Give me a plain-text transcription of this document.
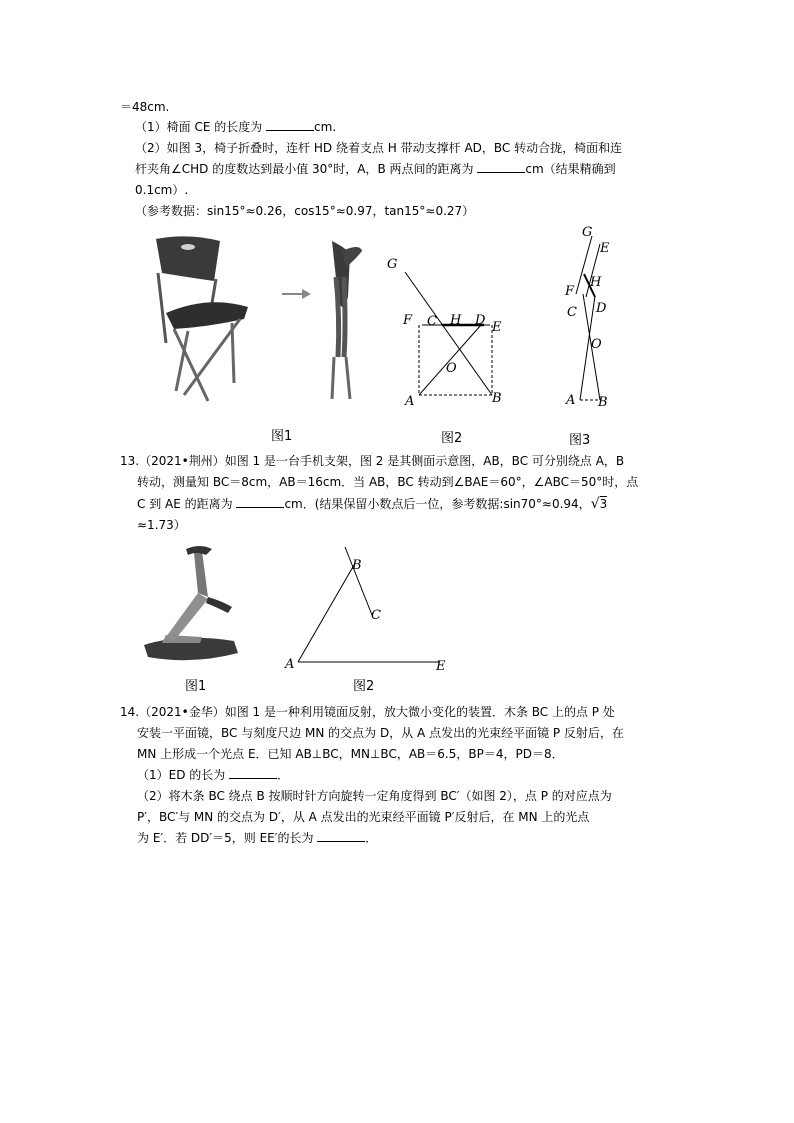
＝48cm.
（1）椅面 CE 的长度为	cm.
（2）如图 3，椅子折叠时，连杆 HD 绕着支点 H 带动支撑杆 AD，BC 转动合拢，椅面和连
杆夹角∠CHD 的度数达到最小值 30°时，A，B 两点间的距离为	cm（结果精确到
0.1cm）.
（参考数据：sin15°≈0.26，cos15°≈0.97，tan15°≈0.27）
G
F C H D E
O
A	B
G
E
H
F
C D
O
A B
图1	图2	图3
13.（2021•荆州）如图 1 是一台手机支架，图 2 是其侧面示意图，AB，BC 可分别绕点 A，B
转动，测量知 BC＝8cm，AB＝16cm．当 AB，BC 转动到∠BAE＝60°，∠ABC＝50°时，点
C 到 AE 的距离为	cm．(结果保留小数点后一位，参考数据:sin70°≈0.94，√3
≈1.73）
B
C
A	E
图1	图2
14.（2021•金华）如图 1 是一种利用镜面反射，放大微小变化的装置．木条 BC 上的点 P 处
安装一平面镜，BC 与刻度尺边 MN 的交点为 D，从 A 点发出的光束经平面镜 P 反射后，在
MN 上形成一个光点 E．已知 AB⊥BC，MN⊥BC，AB＝6.5，BP＝4，PD＝8．
（1）ED 的长为	．
（2）将木条 BC 绕点 B 按顺时针方向旋转一定角度得到 BC′（如图 2），点 P 的对应点为
P′，BC′与 MN 的交点为 D′，从 A 点发出的光束经平面镜 P′反射后，在 MN 上的光点
为 E′．若 DD′＝5，则 EE′的长为	．
